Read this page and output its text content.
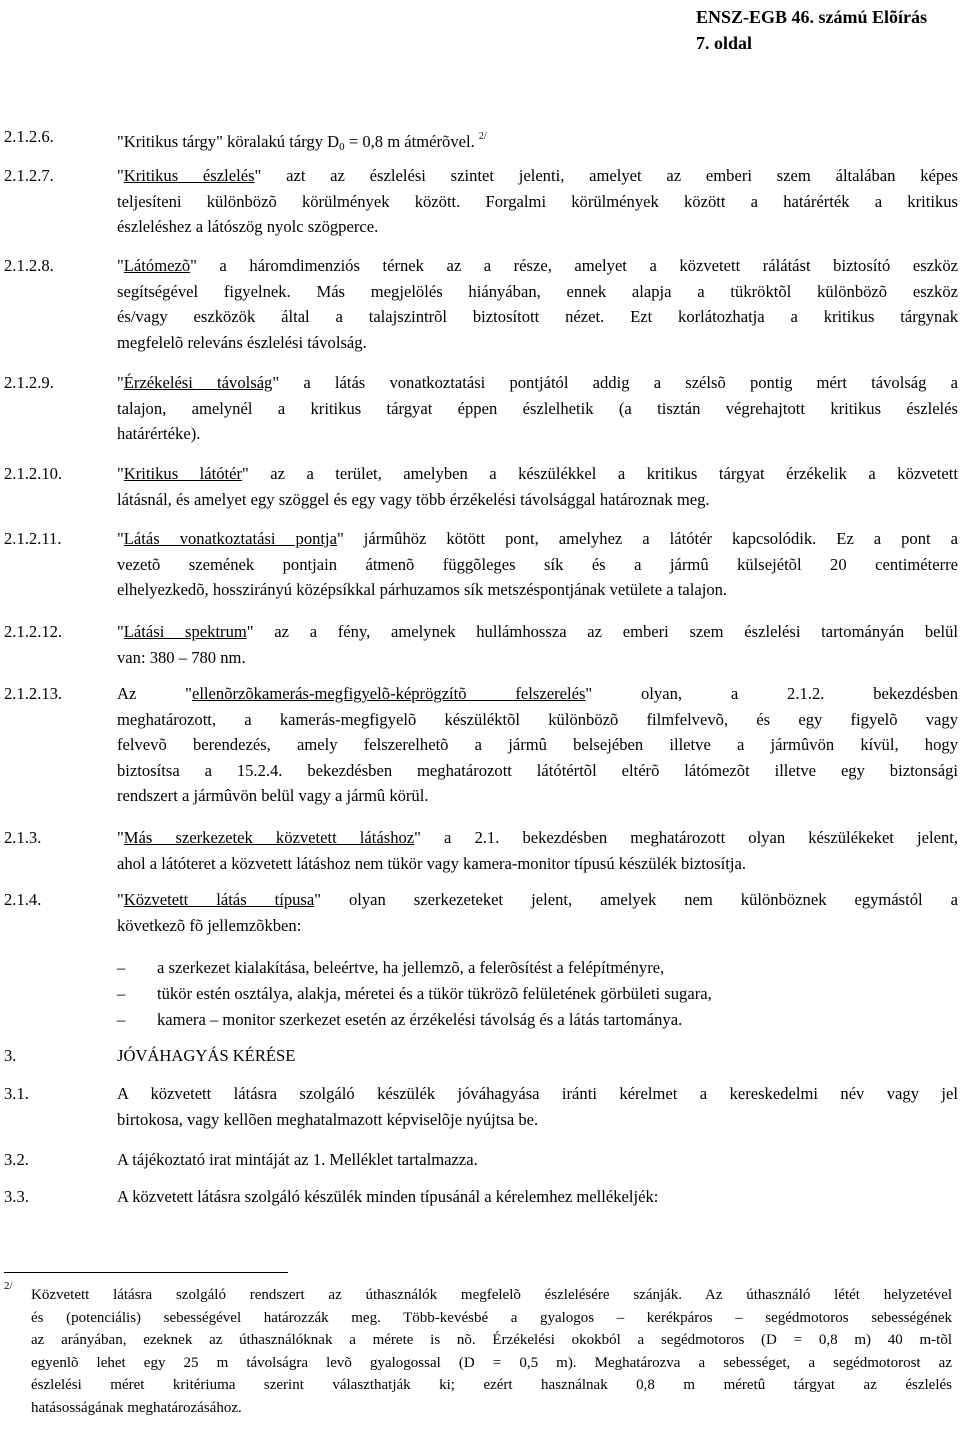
ENSZ-EGB 46. számú Elõírás
7. oldal
2.1.2.6.	"Kritikus tárgy" köralakú tárgy $D_0 = 0,8$ m átmérõvel. $^{2/}$
2.1.2.7.	"Kritikus észlelés" azt az észlelési szintet jelenti, amelyet az emberi szem általában képes
teljesíteni különbözõ körülmények között. Forgalmi körülmények között a határérték a kritikus
észleléshez a látószög nyolc szögperce.
2.1.2.8.	"Látómezõ" a háromdimenziós térnek az a része, amelyet a közvetett rálátást biztosító eszköz
segítségével figyelnek. Más megjelölés hiányában, ennek alapja a tükröktõl különbözõ eszköz
és/vagy eszközök által a talajszintrõl biztosított nézet. Ezt korlátozhatja a kritikus tárgynak
megfelelõ releváns észlelési távolság.
2.1.2.9.	"Érzékelési távolság" a látás vonatkoztatási pontjától addig a szélsõ pontig mért távolság a
talajon, amelynél a kritikus tárgyat éppen észlelhetik (a tisztán végrehajtott kritikus észlelés
határértéke).
2.1.2.10.	"Kritikus látótér" az a terület, amelyben a készülékkel a kritikus tárgyat érzékelik a közvetett
látásnál, és amelyet egy szöggel és egy vagy több érzékelési távolsággal határoznak meg.
2.1.2.11.	"Látás vonatkoztatási pontja" jármûhöz kötött pont, amelyhez a látótér kapcsolódik. Ez a pont a
vezetõ szemének pontjain átmenõ függõleges sík és a jármû külsejétõl 20 centiméterre
elhelyezkedõ, hosszirányú középsíkkal párhuzamos sík metszéspontjának vetülete a talajon.
2.1.2.12.	"Látási spektrum" az a fény, amelynek hullámhossza az emberi szem észlelési tartományán belül
van: 380 – 780 nm.
2.1.2.13.	Az "ellenõrzõkamerás-megfigyelõ-képrögzítõ felszerelés" olyan, a 2.1.2. bekezdésben
meghatározott, a kamerás-megfigyelõ készüléktõl különbözõ filmfelvevõ, és egy figyelõ vagy
felvevõ berendezés, amely felszerelhetõ a jármû belsejében illetve a jármûvön kívül, hogy
biztosítsa a 15.2.4. bekezdésben meghatározott látótértõl eltérõ látómezõt illetve egy biztonsági
rendszert a jármûvön belül vagy a jármû körül.
2.1.3.	"Más szerkezetek közvetett látáshoz" a 2.1. bekezdésben meghatározott olyan készülékeket jelent,
ahol a látóteret a közvetett látáshoz nem tükör vagy kamera-monitor típusú készülék biztosítja.
2.1.4.	"Közvetett látás típusa" olyan szerkezeteket jelent, amelyek nem különböznek egymástól a
következõ fõ jellemzõkben:
– a szerkezet kialakítása, beleértve, ha jellemzõ, a felerõsítést a felépítményre,
– tükör estén osztálya, alakja, méretei és a tükör tükrözõ felületének görbületi sugara,
– kamera – monitor szerkezet esetén az érzékelési távolság és a látás tartománya.
3.	JÓVÁHAGYÁS KÉRÉSE
3.1.	A közvetett látásra szolgáló készülék jóváhagyása iránti kérelmet a kereskedelmi név vagy jel
birtokosa, vagy kellõen meghatalmazott képviselõje nyújtsa be.
3.2.	A tájékoztató irat mintáját az 1. Melléklet tartalmazza.
3.3.	A közvetett látásra szolgáló készülék minden típusánál a kérelemhez mellékeljék:
2/
Közvetett látásra szolgáló rendszert az úthasználók megfelelõ észlelésére szánják. Az úthasználó létét helyzetével
és (potenciális) sebességével határozzák meg. Több-kevésbé a gyalogos – kerékpáros – segédmotoros sebességének
az arányában, ezeknek az úthasználóknak a mérete is nõ. Érzékelési okokból a segédmotoros (D = 0,8 m) 40 m-tõl
egyenlõ lehet egy 25 m távolságra levõ gyalogossal (D = 0,5 m). Meghatározva a sebességet, a segédmotorost az
észlelési méret kritériuma szerint választhatják ki; ezért használnak 0,8 m méretû tárgyat az észlelés
hatásosságának meghatározásához.
